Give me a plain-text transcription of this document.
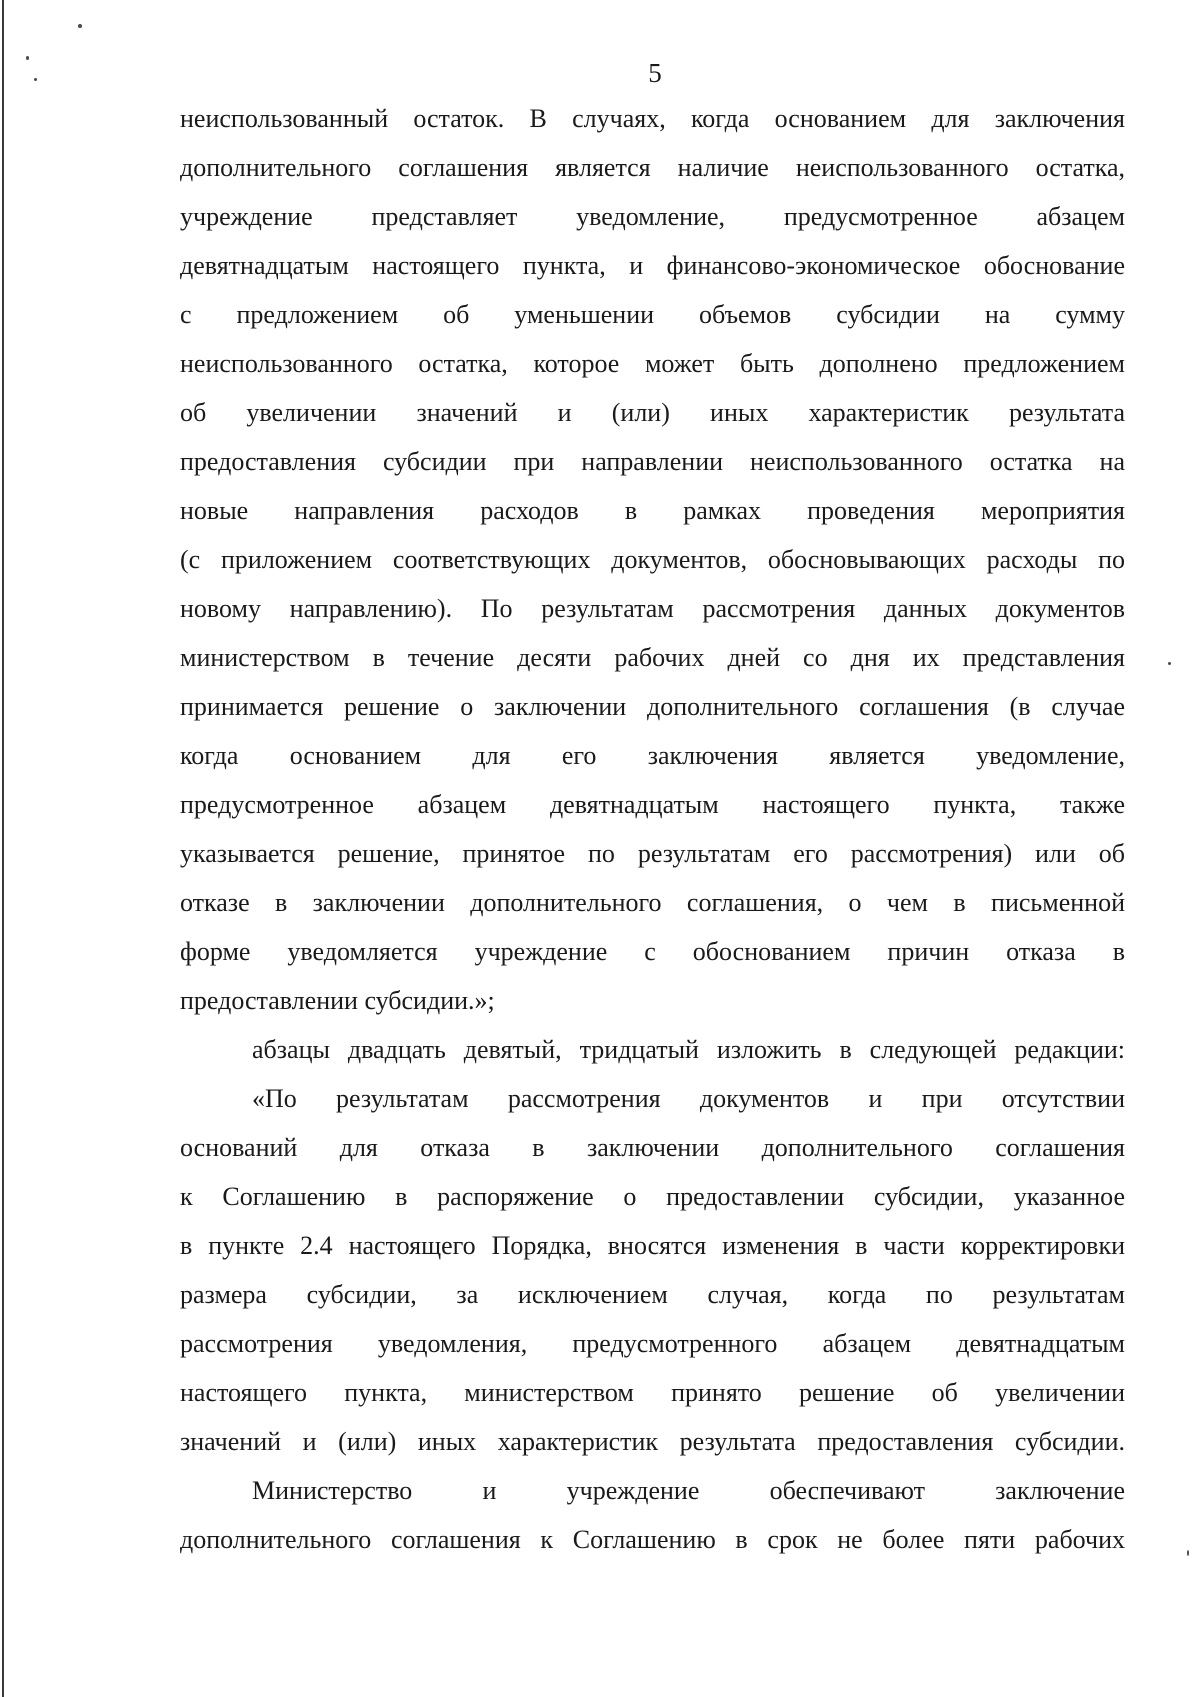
5
неиспользованный остаток. В случаях, когда основанием для заключения
дополнительного соглашения является наличие неиспользованного остатка,
учреждение представляет уведомление, предусмотренное абзацем
девятнадцатым настоящего пункта, и финансово-экономическое обоснование
с предложением об уменьшении объемов субсидии на сумму
неиспользованного остатка, которое может быть дополнено предложением
об увеличении значений и (или) иных характеристик результата
предоставления субсидии при направлении неиспользованного остатка на
новые направления расходов в рамках проведения мероприятия
(с приложением соответствующих документов, обосновывающих расходы по
новому направлению). По результатам рассмотрения данных документов
министерством в течение десяти рабочих дней со дня их представления
принимается решение о заключении дополнительного соглашения (в случае
когда основанием для его заключения является уведомление,
предусмотренное абзацем девятнадцатым настоящего пункта, также
указывается решение, принятое по результатам его рассмотрения) или об
отказе в заключении дополнительного соглашения, о чем в письменной
форме уведомляется учреждение с обоснованием причин отказа в
предоставлении субсидии.»;
абзацы двадцать девятый, тридцатый изложить в следующей редакции:
«По результатам рассмотрения документов и при отсутствии
оснований для отказа в заключении дополнительного соглашения
к Соглашению в распоряжение о предоставлении субсидии, указанное
в пункте 2.4 настоящего Порядка, вносятся изменения в части корректировки
размера субсидии, за исключением случая, когда по результатам
рассмотрения уведомления, предусмотренного абзацем девятнадцатым
настоящего пункта, министерством принято решение об увеличении
значений и (или) иных характеристик результата предоставления субсидии.
Министерство и учреждение обеспечивают заключение
дополнительного соглашения к Соглашению в срок не более пяти рабочих
